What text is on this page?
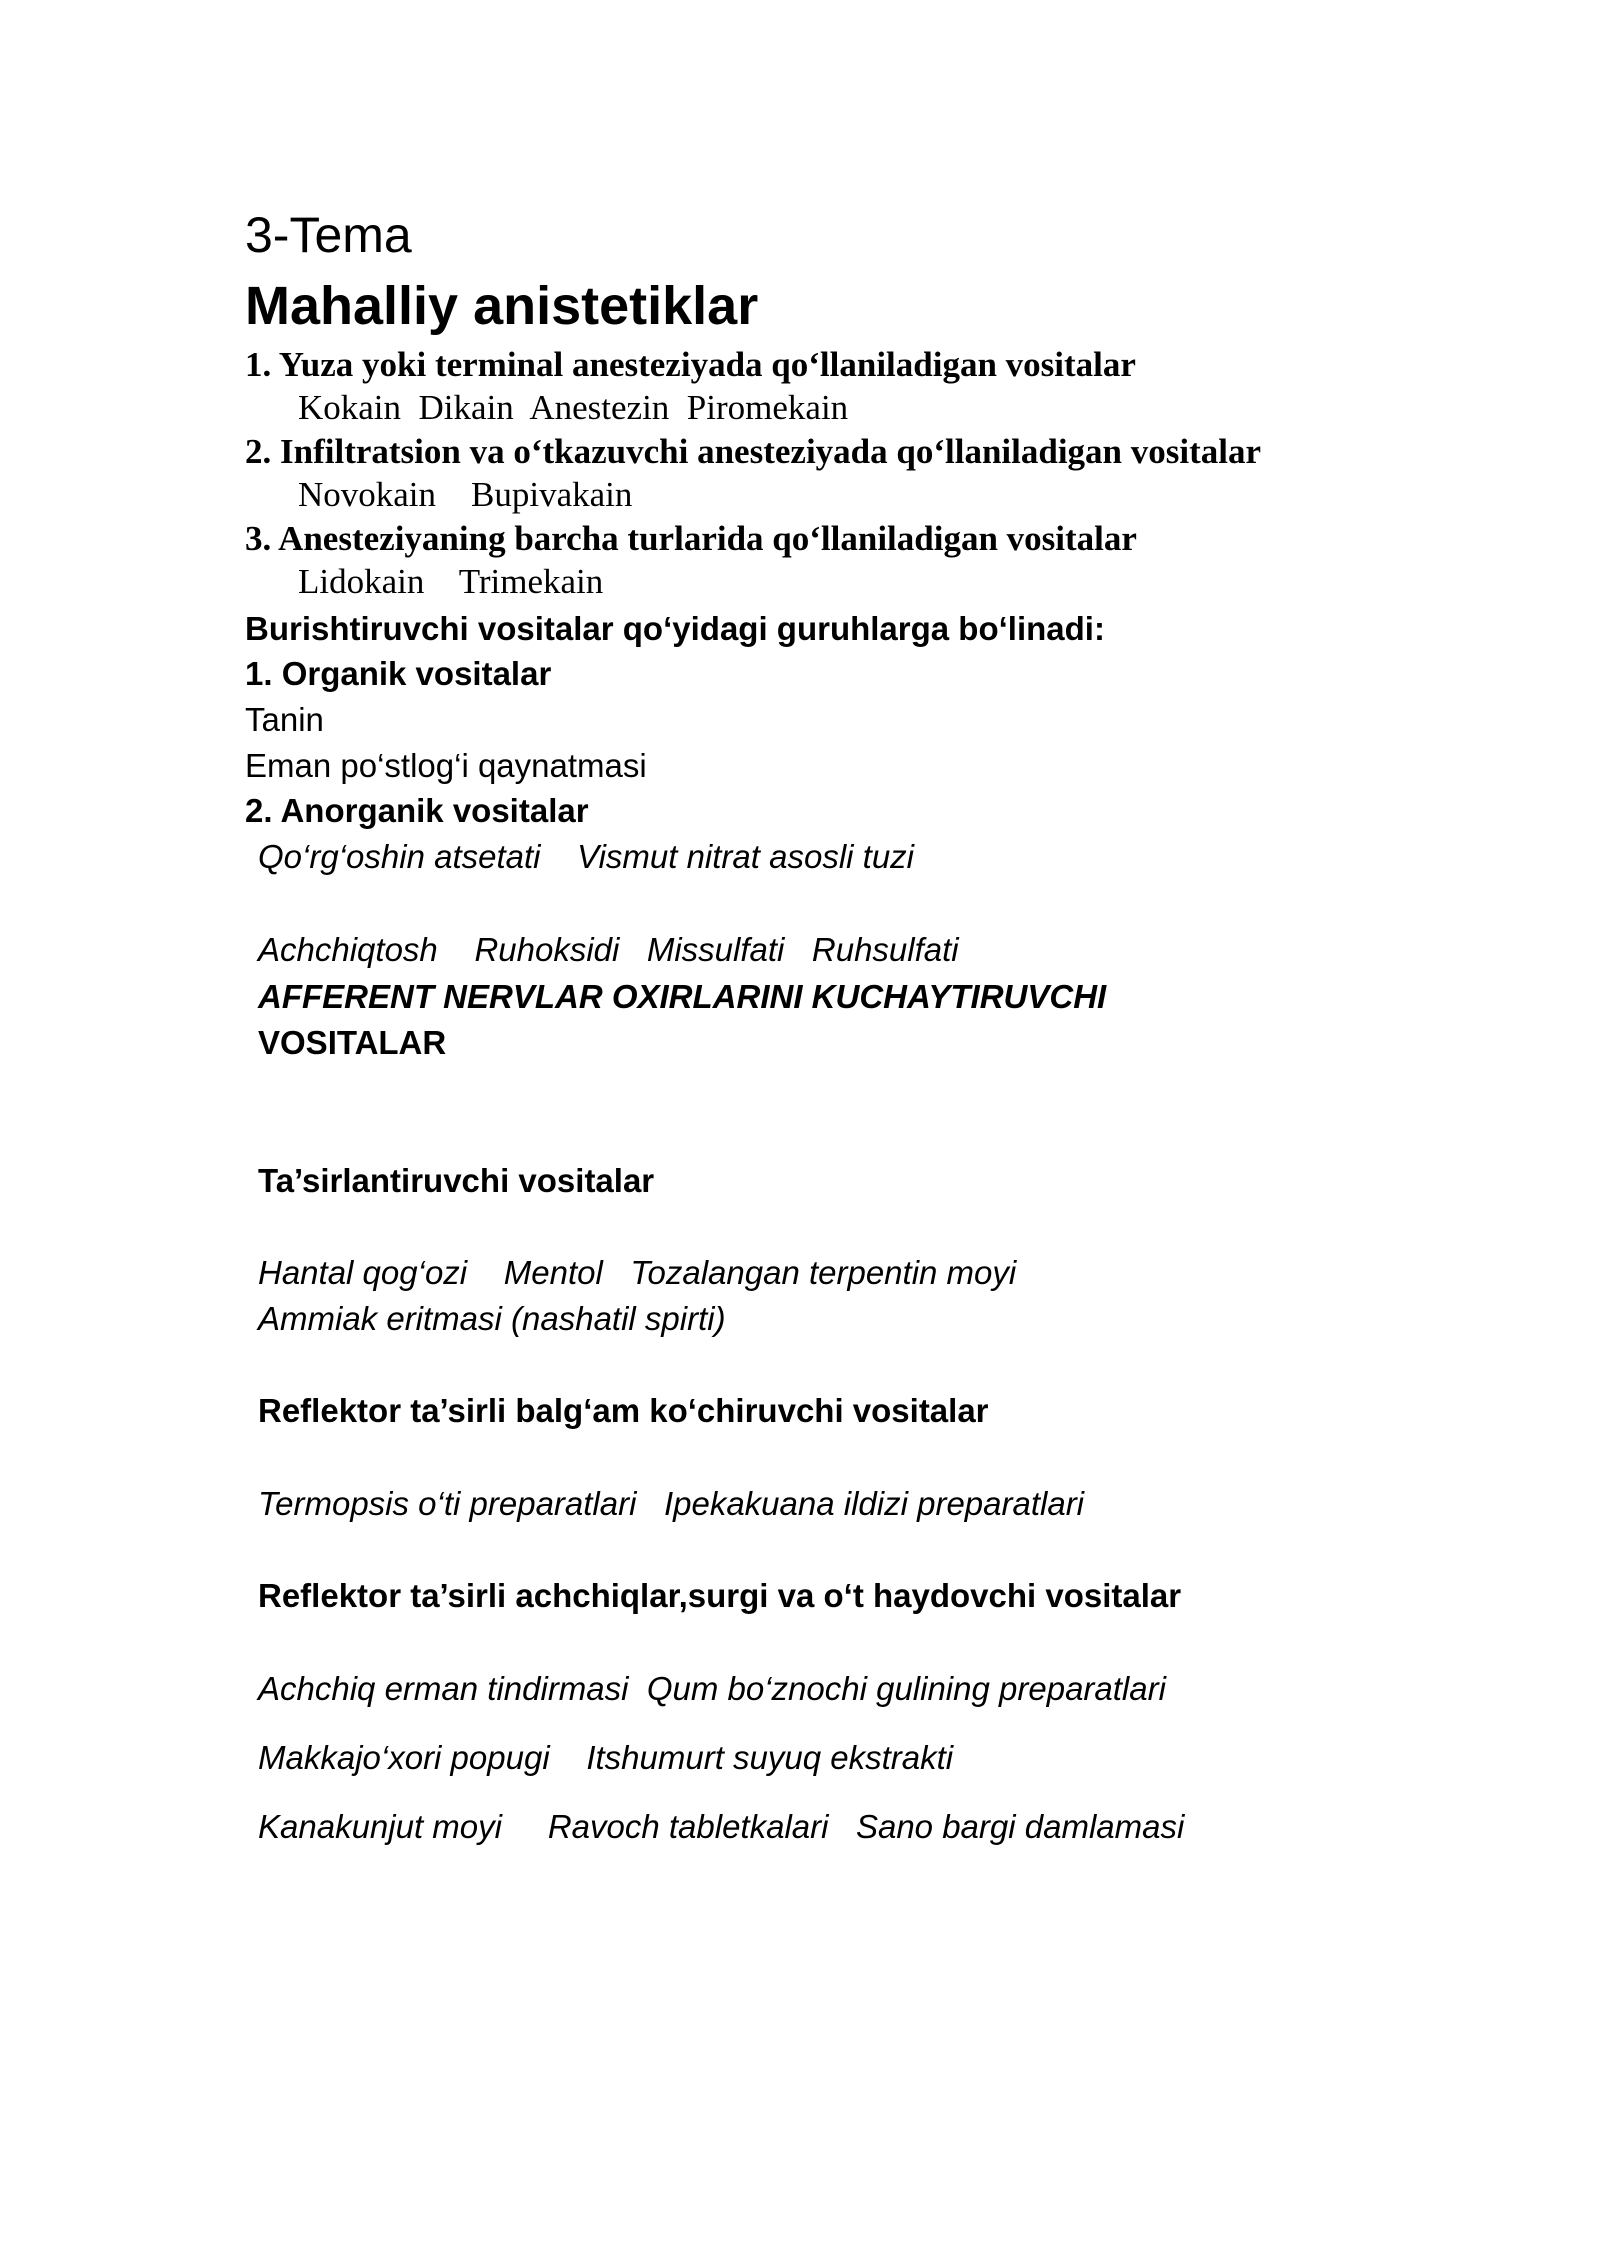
3-Tema
Mahalliy anistetiklar
1. Yuza yoki terminal anesteziyada qo‘llaniladigan vositalar
Kokain  Dikain  Anestezin  Piromekain
2. Infiltratsion va o‘tkazuvchi anesteziyada qo‘llaniladigan vositalar
Novokain    Bupivakain
3. Anesteziyaning barcha turlarida qo‘llaniladigan vositalar
Lidokain    Trimekain
Burishtiruvchi vositalar qo‘yidagi guruhlarga bo‘linadi:
1. Organik vositalar
Tanin
Eman po‘stlog‘i qaynatmasi
2. Anorganik vositalar
Qo‘rg‘oshin atsetati    Vismut nitrat asosli tuzi
Achchiqtosh    Ruhoksidi   Missulfati   Ruhsulfati
AFFERENT NERVLAR OXIRLARINI KUCHAYTIRUVCHI
VOSITALAR
Ta’sirlantiruvchi vositalar
Hantal qog‘ozi    Mentol   Tozalangan terpentin moyi
Ammiak eritmasi (nashatil spirti)
Reflektor ta’sirli balg‘am ko‘chiruvchi vositalar
Termopsis o‘ti preparatlari   Ipekakuana ildizi preparatlari
Reflektor ta’sirli achchiqlar,surgi va o‘t haydovchi vositalar
Achchiq erman tindirmasi  Qum bo‘znochi gulining preparatlari
Makkajo‘xori popugi    Itshumurt suyuq ekstrakti
Kanakunjut moyi     Ravoch tabletkalari   Sano bargi damlamasi
